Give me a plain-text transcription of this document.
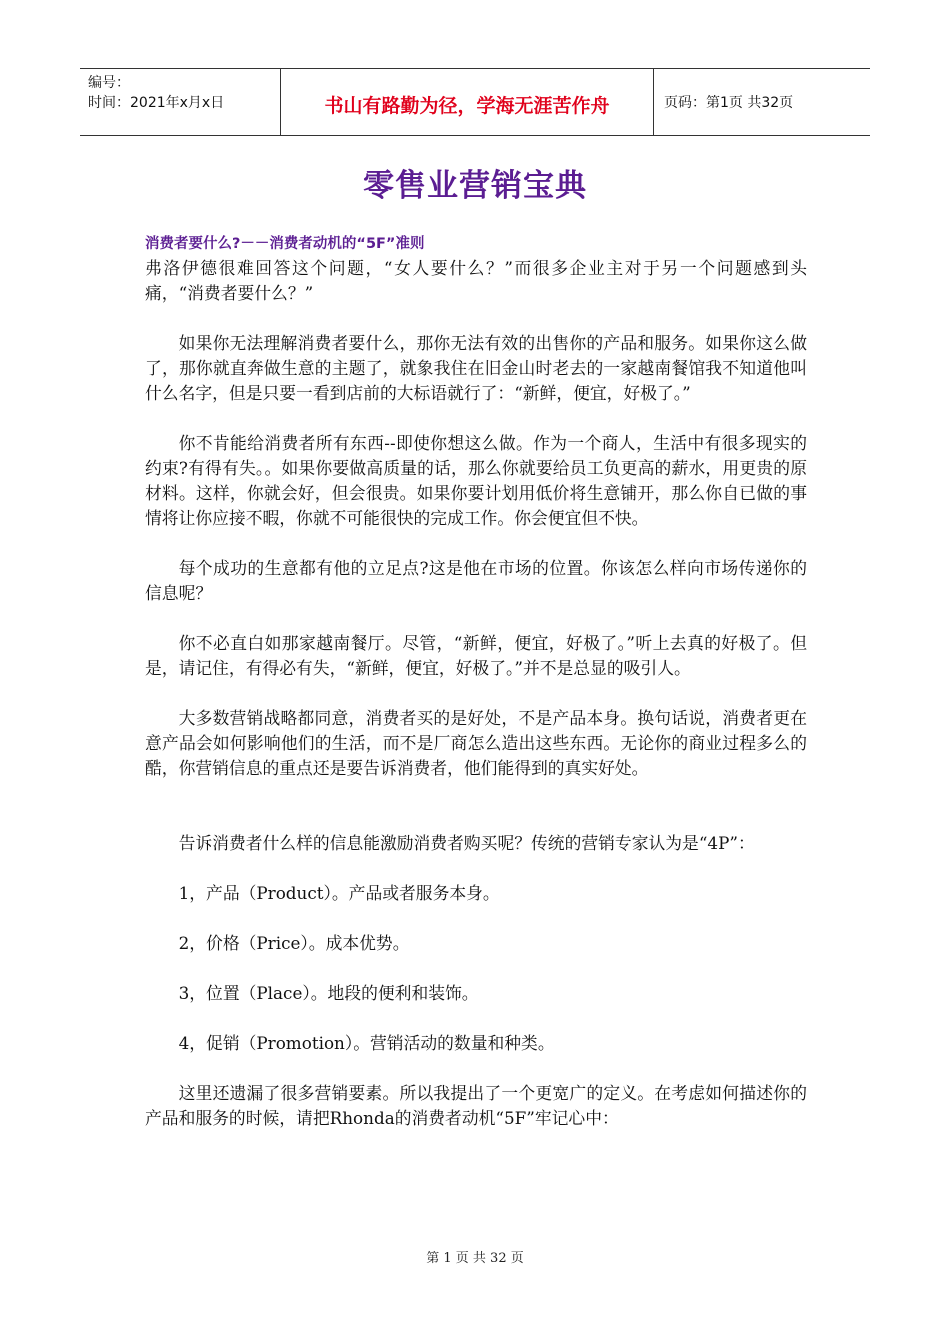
编号：
时间：2021年x月x日	书山有路勤为径，学海无涯苦作舟	页码：第1页 共32页
零售业营销宝典

消费者要什么?－－消费者动机的“5F”准则

弗洛伊德很难回答这个问题，“女人要什么？”而很多企业主对于另一个问题感到头痛，“消费者要什么？”

如果你无法理解消费者要什么，那你无法有效的出售你的产品和服务。如果你这么做了，那你就直奔做生意的主题了，就象我住在旧金山时老去的一家越南餐馆我不知道他叫什么名字，但是只要一看到店前的大标语就行了：“新鲜，便宜，好极了。”

你不肯能给消费者所有东西--即使你想这么做。作为一个商人，生活中有很多现实的约束?有得有失。。如果你要做高质量的话，那么你就要给员工负更高的薪水，用更贵的原材料。这样，你就会好，但会很贵。如果你要计划用低价将生意铺开，那么你自已做的事情将让你应接不暇，你就不可能很快的完成工作。你会便宜但不快。

每个成功的生意都有他的立足点?这是他在市场的位置。你该怎么样向市场传递你的信息呢？

你不必直白如那家越南餐厅。尽管，“新鲜，便宜，好极了。”听上去真的好极了。但是，请记住，有得必有失，“新鲜，便宜，好极了。”并不是总显的吸引人。

大多数营销战略都同意，消费者买的是好处，不是产品本身。换句话说，消费者更在意产品会如何影响他们的生活，而不是厂商怎么造出这些东西。无论你的商业过程多么的酷，你营销信息的重点还是要告诉消费者，他们能得到的真实好处。

告诉消费者什么样的信息能激励消费者购买呢？传统的营销专家认为是“4P”：

1，产品（Product）。产品或者服务本身。

2，价格（Price）。成本优势。

3，位置（Place）。地段的便利和装饰。

4，促销（Promotion）。营销活动的数量和种类。

这里还遗漏了很多营销要素。所以我提出了一个更宽广的定义。在考虑如何描述你的产品和服务的时候，请把Rhonda的消费者动机“5F”牢记心中：

第 1 页 共 32 页
